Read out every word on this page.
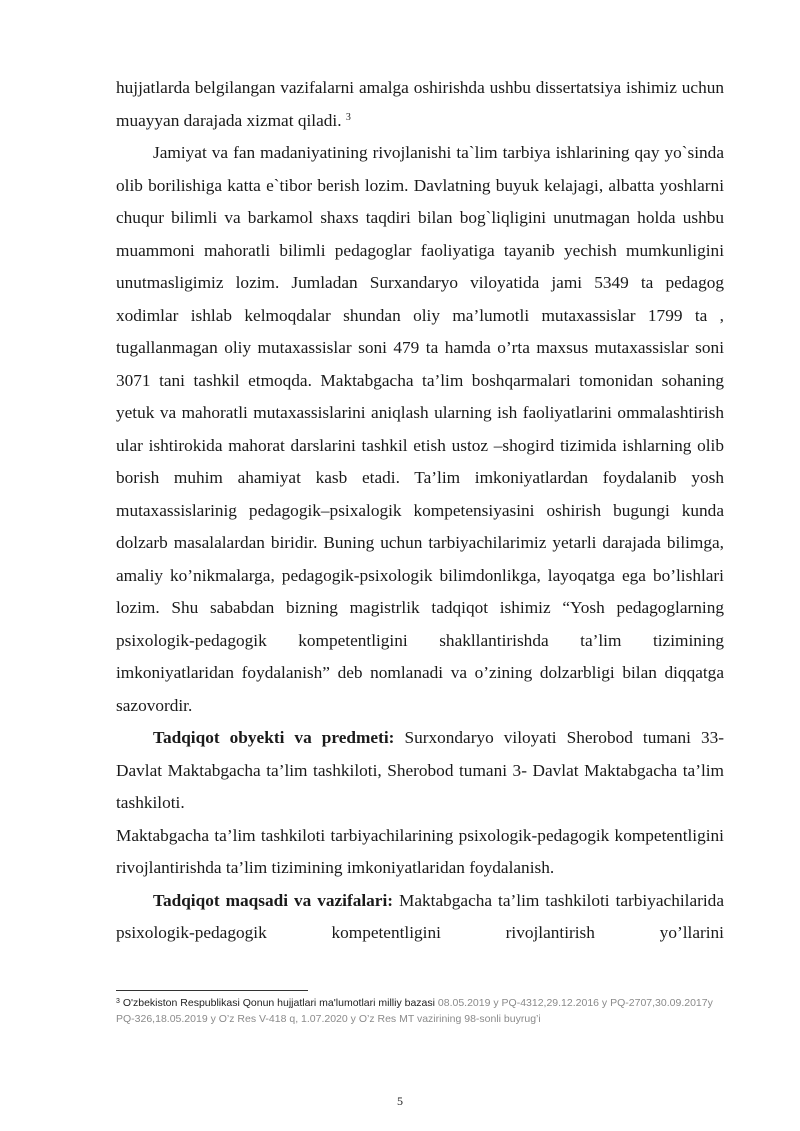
hujjatlarda belgilangan vazifalarni amalga oshirishda ushbu dissertatsiya ishimiz uchun muayyan darajada xizmat qiladi. $^3$

Jamiyat va fan madaniyatining rivojlanishi ta`lim tarbiya ishlarining qay yo`sinda olib borilishiga katta e`tibor berish lozim. Davlatning buyuk kelajagi, albatta yoshlarni chuqur bilimli va barkamol shaxs taqdiri bilan bog`liqligini unutmagan holda ushbu muammoni mahoratli bilimli pedagoglar faoliyatiga tayanib yechish mumkunligini unutmasligimiz lozim. Jumladan Surxandaryo viloyatida jami 5349 ta pedagog xodimlar ishlab kelmoqdalar shundan oliy ma’lumotli mutaxassislar 1799 ta , tugallanmagan oliy mutaxassislar soni 479 ta hamda o’rta maxsus mutaxassislar soni 3071 tani tashkil etmoqda. Maktabgacha ta’lim boshqarmalari tomonidan sohaning yetuk va mahoratli mutaxassislarini aniqlash ularning ish faoliyatlarini ommalashtirish ular ishtirokida mahorat darslarini tashkil etish ustoz –shogird tizimida ishlarning olib borish muhim ahamiyat kasb etadi. Ta’lim imkoniyatlardan foydalanib yosh mutaxassislarinig pedagogik–psixalogik kompetensiyasini oshirish bugungi kunda dolzarb masalalardan biridir. Buning uchun tarbiyachilarimiz yetarli darajada bilimga, amaliy ko’nikmalarga, pedagogik-psixologik bilimdonlikga, layoqatga ega bo’lishlari lozim. Shu sababdan bizning magistrlik tadqiqot ishimiz “Yosh pedagoglarning psixologik-pedagogik kompetentligini shakllantirishda ta’lim tizimining imkoniyatlaridan foydalanish” deb nomlanadi va o’zining dolzarbligi bilan diqqatga sazovordir.

Tadqiqot obyekti va predmeti: Surxondaryo viloyati Sherobod tumani 33- Davlat Maktabgacha ta’lim tashkiloti, Sherobod tumani 3- Davlat Maktabgacha ta’lim tashkiloti.

Maktabgacha ta’lim tashkiloti tarbiyachilarining psixologik-pedagogik kompetentligini rivojlantirishda ta’lim tizimining imkoniyatlaridan foydalanish.

Tadqiqot maqsadi va vazifalari: Maktabgacha ta’lim tashkiloti tarbiyachilarida psixologik-pedagogik kompetentligini rivojlantirish yo’llarini

$^3$ O'zbekiston Respublikasi Qonun hujjatlari ma'lumotlari milliy bazasi 08.05.2019 y PQ-4312,29.12.2016 y PQ-2707,30.09.2017y PQ-326,18.05.2019 y O’z Res V-418 q, 1.07.2020 y O’z Res MT vazirining 98-sonli buyrug’i
5
